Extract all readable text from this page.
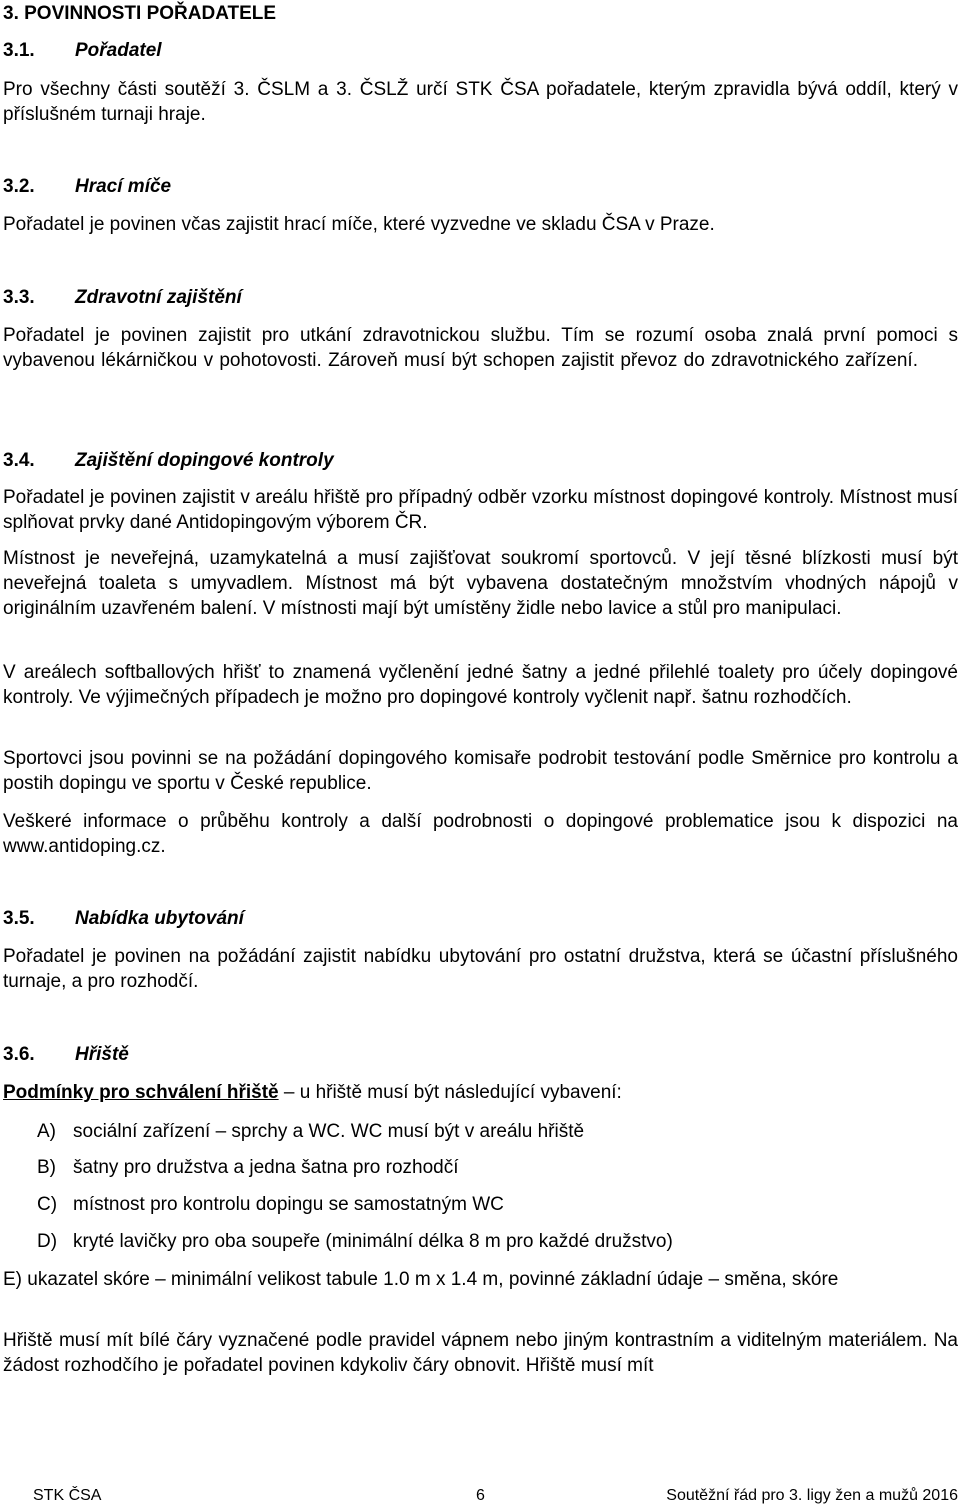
3. POVINNOSTI POŘADATELE
3.1. Pořadatel
Pro všechny části soutěží 3. ČSLM a 3. ČSLŽ určí STK ČSA pořadatele, kterým zpravidla bývá oddíl, který v příslušném turnaji hraje.
3.2. Hrací míče
Pořadatel je povinen včas zajistit hrací míče, které vyzvedne ve skladu ČSA v Praze.
3.3. Zdravotní zajištění
Pořadatel je povinen zajistit pro utkání zdravotnickou službu. Tím se rozumí osoba znalá první pomoci s vybavenou lékárničkou v pohotovosti. Zároveň musí být schopen zajistit převoz do zdravotnického zařízení.
3.4. Zajištění dopingové kontroly
Pořadatel je povinen zajistit v areálu hřiště pro případný odběr vzorku místnost dopingové kontroly. Místnost musí splňovat prvky dané Antidopingovým výborem ČR.
Místnost je neveřejná, uzamykatelná a musí zajišťovat soukromí sportovců. V její těsné blízkosti musí být neveřejná toaleta s umyvadlem. Místnost má být vybavena dostatečným množstvím vhodných nápojů v originálním uzavřeném balení. V místnosti mají být umístěny židle nebo lavice a stůl pro manipulaci.
V areálech softballových hřišť to znamená vyčlenění jedné šatny a jedné přilehlé toalety pro účely dopingové kontroly. Ve výjimečných případech je možno pro dopingové kontroly vyčlenit např. šatnu rozhodčích.
Sportovci jsou povinni se na požádání dopingového komisaře podrobit testování podle Směrnice pro kontrolu a postih dopingu ve sportu v České republice.
Veškeré informace o průběhu kontroly a další podrobnosti o dopingové problematice jsou k dispozici na www.antidoping.cz.
3.5. Nabídka ubytování
Pořadatel je povinen na požádání zajistit nabídku ubytování pro ostatní družstva, která se účastní příslušného turnaje, a pro rozhodčí.
3.6. Hřiště
Podmínky pro schválení hřiště – u hřiště musí být následující vybavení:
A) sociální zařízení – sprchy a WC. WC musí být v areálu hřiště
B) šatny pro družstva a jedna šatna pro rozhodčí
C) místnost pro kontrolu dopingu se samostatným WC
D) kryté lavičky pro oba soupeře (minimální délka 8 m pro každé družstvo)
E) ukazatel skóre – minimální velikost tabule 1.0 m x 1.4 m, povinné základní údaje – směna, skóre
Hřiště musí mít bílé čáry vyznačené podle pravidel vápnem nebo jiným kontrastním a viditelným materiálem. Na žádost rozhodčího je pořadatel povinen kdykoliv čáry obnovit. Hřiště musí mít
STK ČSA	6	Soutěžní řád pro 3. ligy žen a mužů 2016
